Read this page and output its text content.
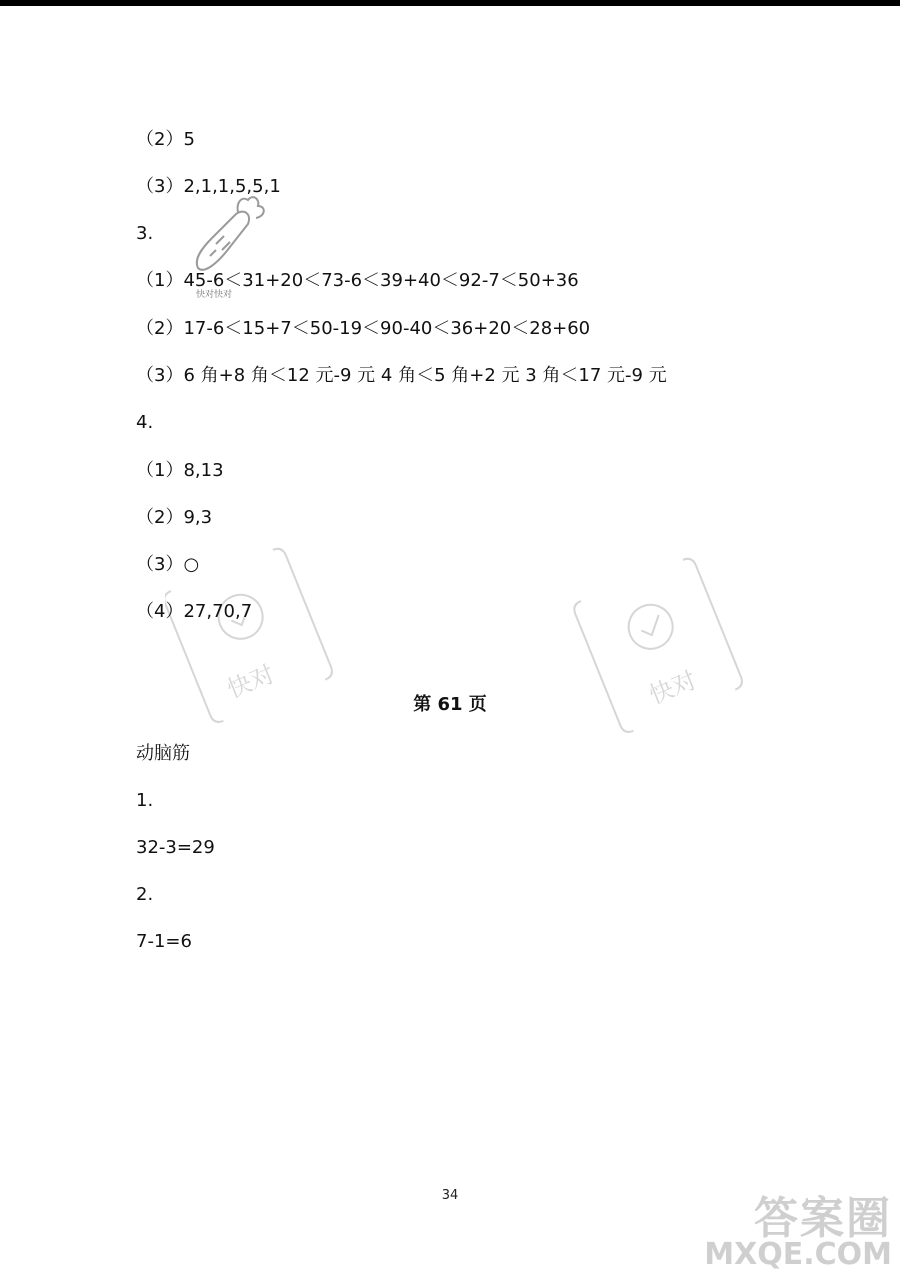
快对快对
快对	快对
（2）5
（3）2,1,1,5,5,1
3.
（1）45-6＜31+20＜73-6＜39+40＜92-7＜50+36
（2）17-6＜15+7＜50-19＜90-40＜36+20＜28+60
（3）6 角+8 角＜12 元-9 元 4 角＜5 角+2 元 3 角＜17 元-9 元
4.
（1）8,13
（2）9,3
（3）○
（4）27,70,7
第 61 页
动脑筋
1.
32-3=29
2.
7-1=6
34	答案圈
MXQE.COM
